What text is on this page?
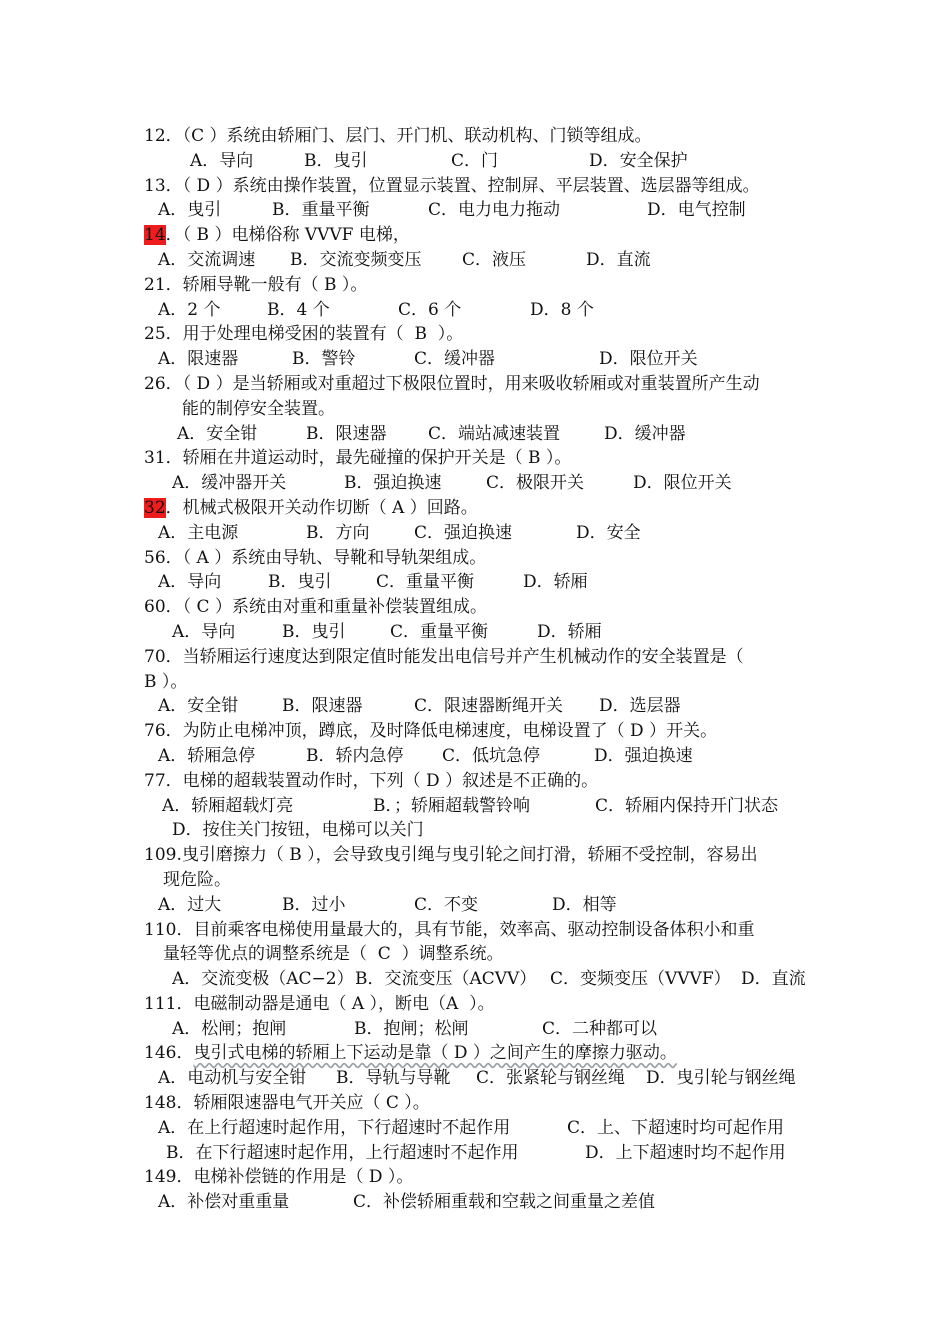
12．（C ）系统由轿厢门、层门、开门机、联动机构、门锁等组成。

A．导向

	B．曳引

	C．门

	D．安全保护

13．（ D ）系统由操作装置，位置显示装置、控制屏、平层装置、选层器等组成。

A．曳引

	B．重量平衡

	C．电力电力拖动

	D．电气控制

14．（ B ）电梯俗称 VVVF 电梯，

A．交流调速

B．交流变频变压

C．液压

	D．直流

21．轿厢导靴一般有（ B ）。

A．2 个

	B．4 个

	C．6 个

	D．8 个

25．用于处理电梯受困的装置有（  B  ）。

A．限速器

	B．警铃

	C．缓冲器

	D．限位开关

26．（ D ）是当轿厢或对重超过下极限位置时，用来吸收轿厢或对重装置所产生动
能的制停安全装置。

A．安全钳

	B．限速器

C．端站减速装置

	D．缓冲器

31．轿厢在井道运动时，最先碰撞的保护开关是（ B ）。

A．缓冲器开关

	B．强迫换速

	C．极限开关

	D．限位开关

32．机械式极限开关动作切断（ A ）回路。

A．主电源

	B．方向

	C．强迫换速

	D．安全

56．（ A ）系统由导轨、导靴和导轨架组成。

A．导向

	B．曳引

	C．重量平衡

	D．轿厢

60．（ C ）系统由对重和重量补偿装置组成。

A．导向

	B．曳引

	C．重量平衡

	D．轿厢

70．当轿厢运行速度达到限定值时能发出电信号并产生机械动作的安全装置是（
B ）。

A．安全钳

	B．限速器

	C．限速器断绳开关

D．选层器

76．为防止电梯冲顶，蹲底，及时降低电梯速度，电梯设置了（ D ）开关。

A．轿厢急停

	B．轿内急停

C．低坑急停

	D．强迫换速

77．电梯的超载装置动作时，下列（ D ）叙述是不正确的。

A．轿厢超载灯亮

	B．；轿厢超载警铃响

	C．轿厢内保持开门状态

D．按住关门按钮，电梯可以关门

109.曳引磨擦力（ B ），会导致曳引绳与曳引轮之间打滑，轿厢不受控制，容易出
现危险。

A．过大

	B．过小

	C．不变

	D．相等

110．目前乘客电梯使用量最大的，具有节能，效率高、驱动控制设备体积小和重
量轻等优点的调整系统是（  C  ）调整系统。

A．交流变极（AC−2）

B．交流变压（ACVV）

C．变频变压（VVVF）

D．直流

111．电磁制动器是通电（ A ），断电（A  ）。

A．松闸；抱闸

	B．抱闸；松闸

	C．二种都可以

146．曳引式电梯的轿厢上下运动是靠（ D ）之间产生的摩擦力驱动。

A．电动机与安全钳

B．导轨与导靴

C．张紧轮与钢丝绳

D．曳引轮与钢丝绳

148．轿厢限速器电气开关应（ C ）。

A．在上行超速时起作用，下行超速时不起作用

	C．上、下超速时均可起作用

B．在下行超速时起作用，上行超速时不起作用

	D．上下超速时均不起作用

149．电梯补偿链的作用是（ D ）。

A．补偿对重重量

	C．补偿轿厢重载和空载之间重量之差值
